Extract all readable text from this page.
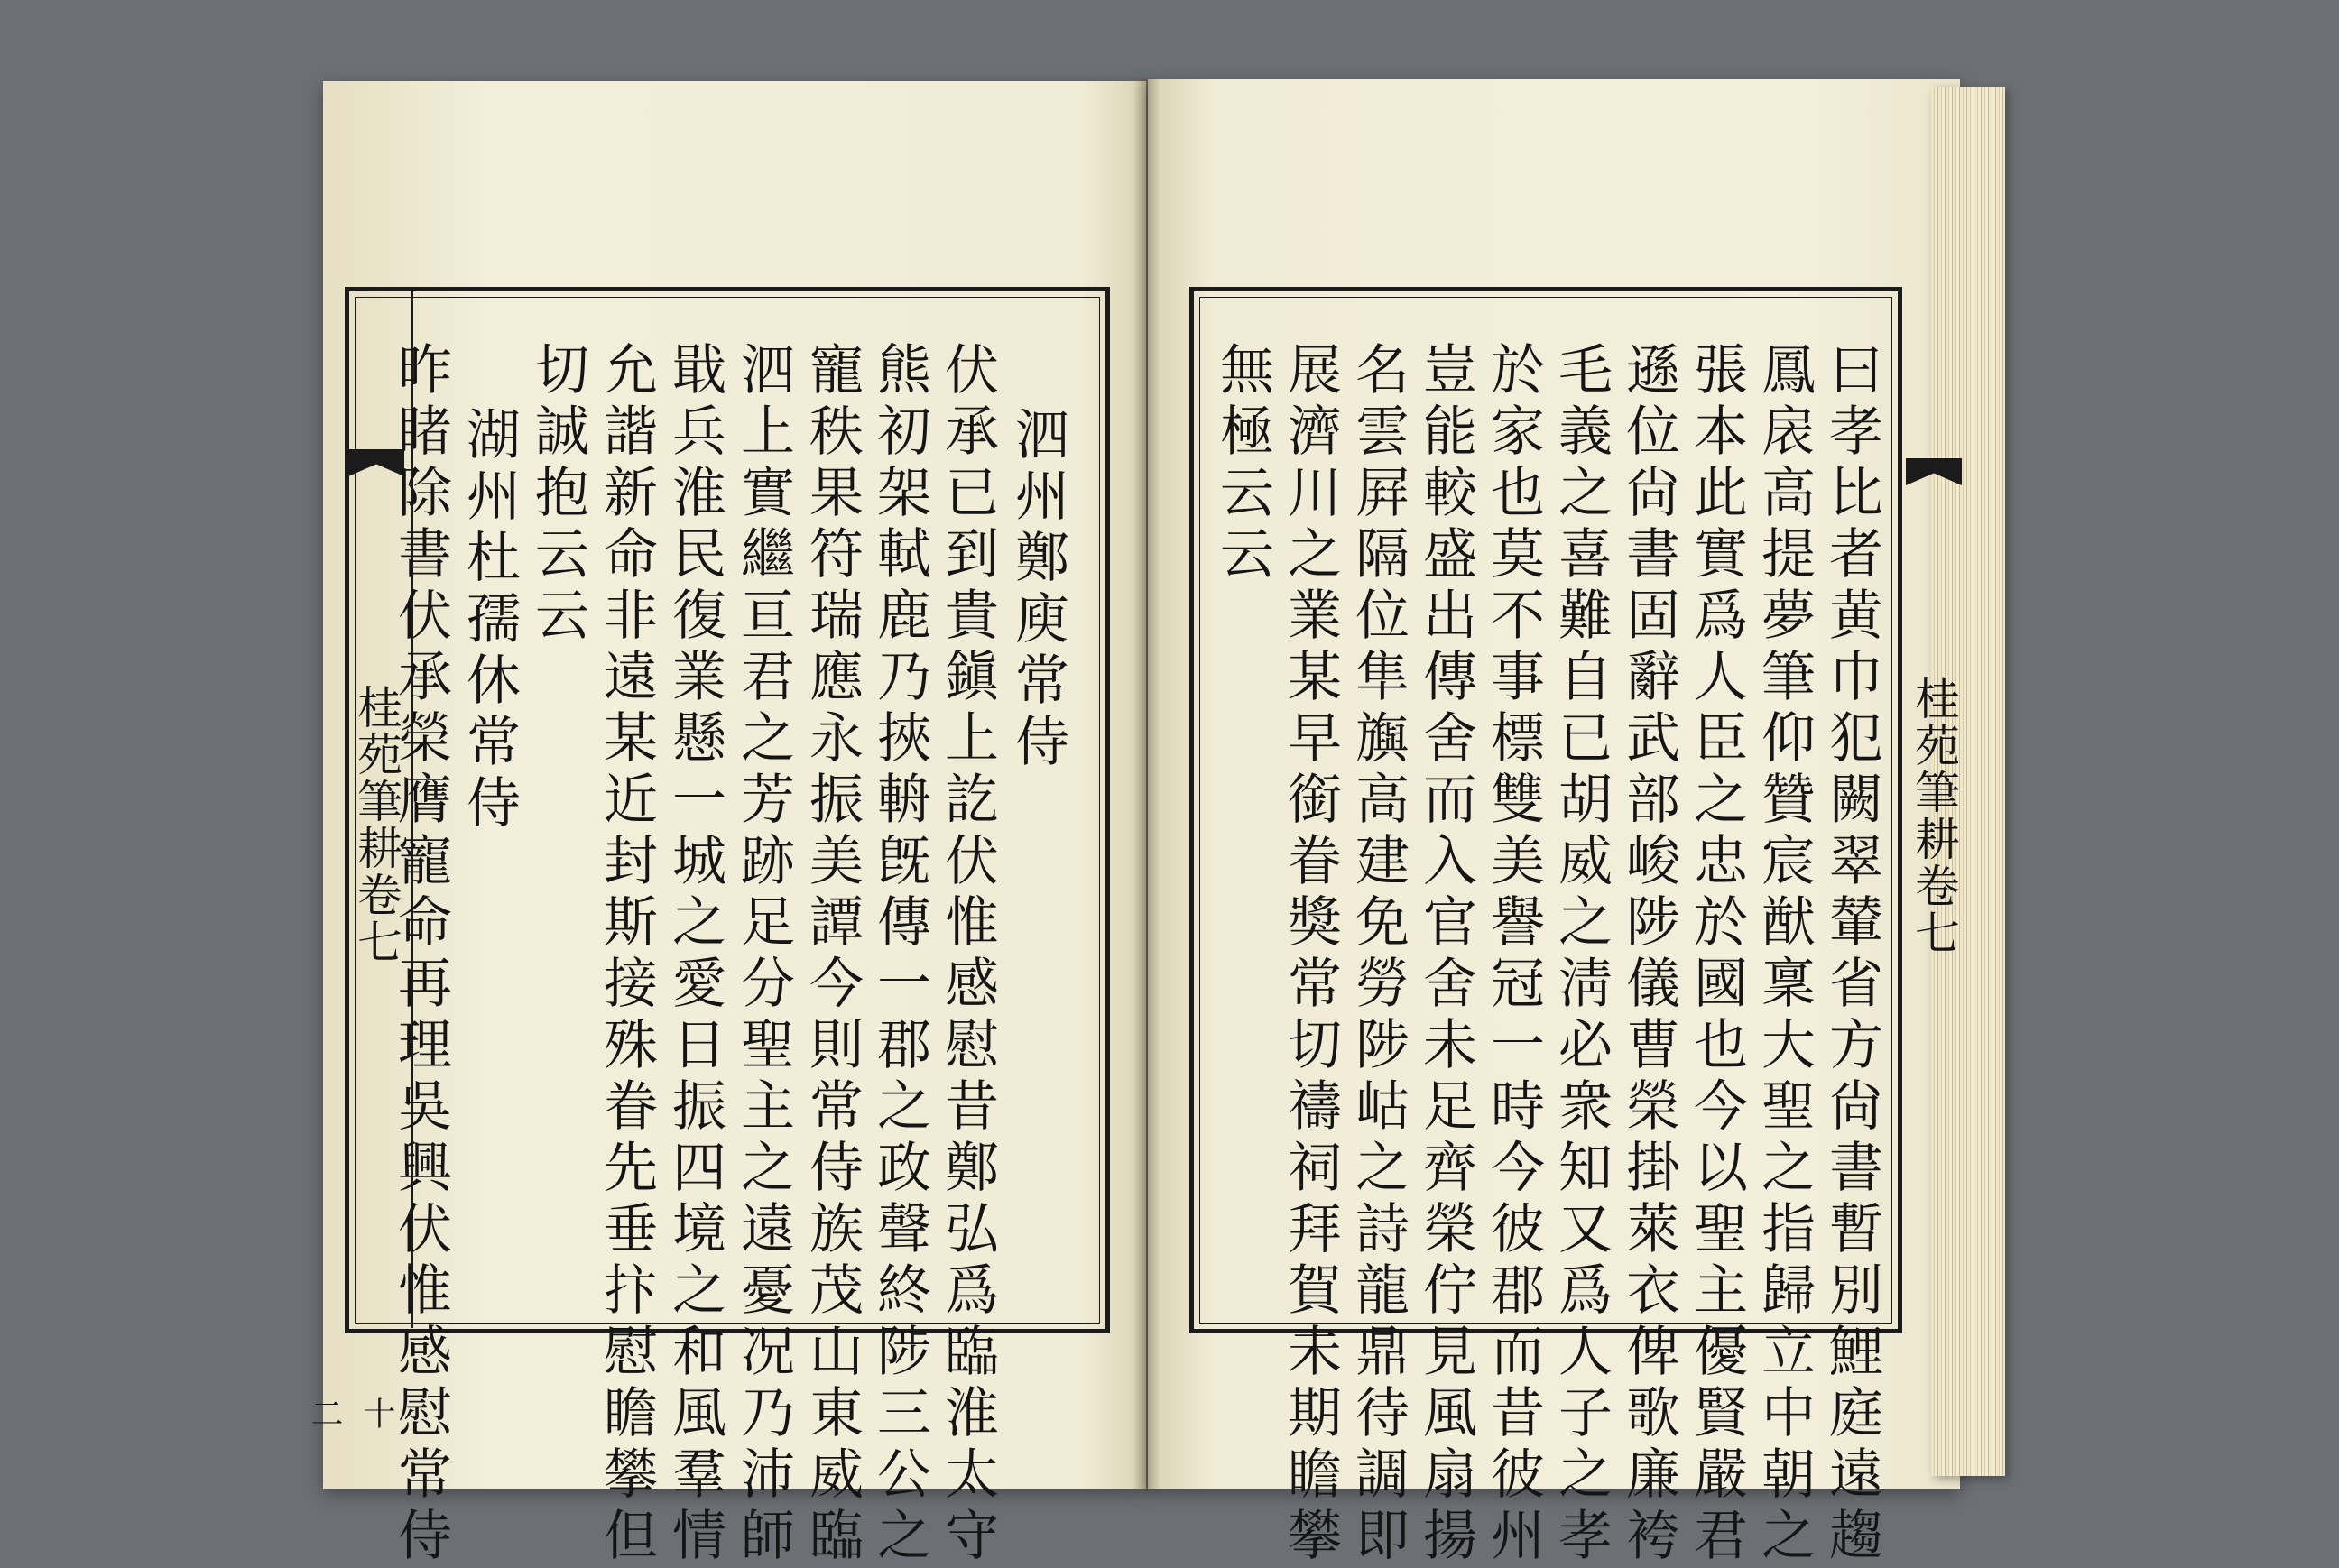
桂苑筆耕卷七
十二
桂苑筆耕卷七
泗州鄭庾常侍
伏承已到貴鎭上訖伏惟感慰昔鄭弘爲臨淮太守
熊初架軾鹿乃挾輈旣傳一郡之政聲終陟三公之
寵秩果符瑞應永振美譚今則常侍族茂山東威臨
泗上實繼亘君之芳跡足分聖主之遠憂况乃沛師
戢兵淮民復業懸一城之愛日振四境之和風羣情
允諧新命非遠某近封斯接殊眷先垂抃慰瞻攀但
切誠抱云云
湖州杜孺休常侍
昨睹除書伏承榮膺寵命再理吳興伏惟感慰常侍	曰孝比者黄巾犯闕翠輦省方尙書暫別鯉庭遠趨
鳳扆高提夢筆仰贊宸猷稟大聖之指歸立中朝之
張本此實爲人臣之忠於國也今以聖主優賢嚴君
遜位尙書固辭武部峻陟儀曹榮掛萊衣俾歌廉袴
毛義之喜難自已胡威之淸必衆知又爲人子之孝
於家也莫不事標雙美譽冠一時今彼郡而昔彼州
豈能較盛出傳舍而入官舍未足齊榮佇見風扇揚
名雲屛隔位隼旟高建免勞陟岵之詩龍鼎待調即
展濟川之業某早銜眷獎常切禱祠拜賀未期瞻攀
無極云云
